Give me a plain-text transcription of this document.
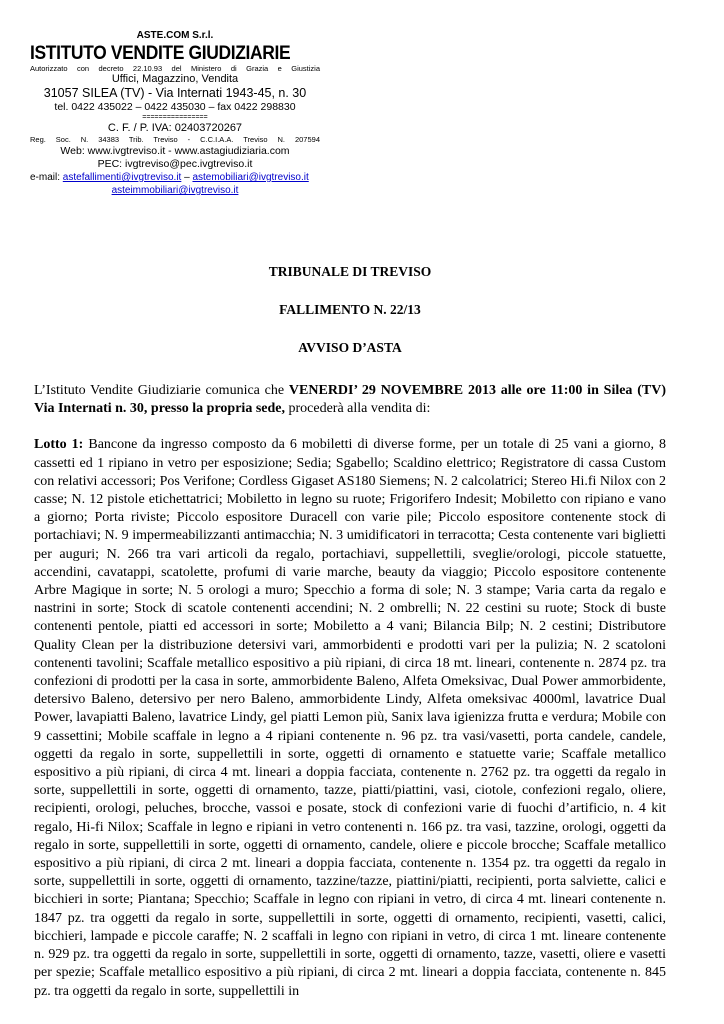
ASTE.COM S.r.l.
ISTITUTO VENDITE GIUDIZIARIE
Autorizzato con decreto 22.10.93 del Ministero di Grazia e Giustizia
Uffici, Magazzino, Vendita
31057 SILEA (TV) - Via Internati 1943-45, n. 30
tel. 0422 435022 – 0422 435030 – fax 0422 298830
================
C. F. / P. IVA: 02403720267
Reg. Soc. N. 34383 Trib. Treviso - C.C.I.A.A. Treviso N. 207594
Web: www.ivgtreviso.it - www.astagiudiziaria.com
PEC: ivgtreviso@pec.ivgtreviso.it
e-mail: astefallimenti@ivgtreviso.it – astemobiliari@ivgtreviso.it
asteimmobiliari@ivgtreviso.it
TRIBUNALE DI TREVISO
FALLIMENTO N. 22/13
AVVISO D’ASTA

L’Istituto Vendite Giudiziarie comunica che VENERDI’ 29 NOVEMBRE 2013 alle ore 11:00 in Silea (TV) Via Internati n. 30, presso la propria sede, procederà alla vendita di:

Lotto 1: Bancone da ingresso composto da 6 mobiletti di diverse forme, per un totale di 25 vani a giorno, 8 cassetti ed 1 ripiano in vetro per esposizione; Sedia; Sgabello; Scaldino elettrico; Registratore di cassa Custom con relativi accessori; Pos Verifone; Cordless Gigaset AS180 Siemens; N. 2 calcolatrici; Stereo Hi.fi Nilox con 2 casse; N. 12 pistole etichettatrici; Mobiletto in legno su ruote; Frigorifero Indesit; Mobiletto con ripiano e vano a giorno; Porta riviste; Piccolo espositore Duracell con varie pile; Piccolo espositore contenente stock di portachiavi; N. 9 impermeabilizzanti antimacchia; N. 3 umidificatori in terracotta; Cesta contenente vari biglietti per auguri; N. 266 tra vari articoli da regalo, portachiavi, suppellettili, sveglie/orologi, piccole statuette, accendini, cavatappi, scatolette, profumi di varie marche, beauty da viaggio; Piccolo espositore contenente Arbre Magique in sorte; N. 5 orologi a muro; Specchio a forma di sole; N. 3 stampe; Varia carta da regalo e nastrini in sorte; Stock di scatole contenenti accendini; N. 2 ombrelli; N. 22 cestini su ruote; Stock di buste contenenti pentole, piatti ed accessori in sorte; Mobiletto a 4 vani; Bilancia Bilp; N. 2 cestini; Distributore Quality Clean per la distribuzione detersivi vari, ammorbidenti e prodotti vari per la pulizia; N. 2 scatoloni contenenti tavolini; Scaffale metallico espositivo a più ripiani, di circa 18 mt. lineari, contenente n. 2874 pz. tra confezioni di prodotti per la casa in sorte, ammorbidente Baleno, Alfeta Omeksivac, Dual Power ammorbidente, detersivo Baleno, detersivo per nero Baleno, ammorbidente Lindy, Alfeta omeksivac 4000ml, lavatrice Dual Power, lavapiatti Baleno, lavatrice Lindy, gel piatti Lemon più, Sanix lava igienizza frutta e verdura; Mobile con 9 cassettini; Mobile scaffale in legno a 4 ripiani contenente n. 96 pz. tra vasi/vasetti, porta candele, candele, oggetti da regalo in sorte, suppellettili in sorte, oggetti di ornamento e statuette varie; Scaffale metallico espositivo a più ripiani, di circa 4 mt. lineari a doppia facciata, contenente n. 2762 pz. tra oggetti da regalo in sorte, suppellettili in sorte, oggetti di ornamento, tazze, piatti/piattini, vasi, ciotole, confezioni regalo, oliere, recipienti, orologi, peluches, brocche, vassoi e posate, stock di confezioni varie di fuochi d’artificio, n. 4 kit regalo, Hi-fi Nilox; Scaffale in legno e ripiani in vetro contenenti n. 166 pz. tra vasi, tazzine, orologi, oggetti da regalo in sorte, suppellettili in sorte, oggetti di ornamento, candele, oliere e piccole brocche; Scaffale metallico espositivo a più ripiani, di circa 2 mt. lineari a doppia facciata, contenente n. 1354 pz. tra oggetti da regalo in sorte, suppellettili in sorte, oggetti di ornamento, tazzine/tazze, piattini/piatti, recipienti, porta salviette, calici e bicchieri in sorte; Piantana; Specchio; Scaffale in legno con ripiani in vetro, di circa 4 mt. lineari contenente n. 1847 pz. tra oggetti da regalo in sorte, suppellettili in sorte, oggetti di ornamento, recipienti, vasetti, calici, bicchieri, lampade e piccole caraffe; N. 2 scaffali in legno con ripiani in vetro, di circa 1 mt. lineare contenente n. 929 pz. tra oggetti da regalo in sorte, suppellettili in sorte, oggetti di ornamento, tazze, vasetti, oliere e vasetti per spezie; Scaffale metallico espositivo a più ripiani, di circa 2 mt. lineari a doppia facciata, contenente n. 845 pz. tra oggetti da regalo in sorte, suppellettili in
